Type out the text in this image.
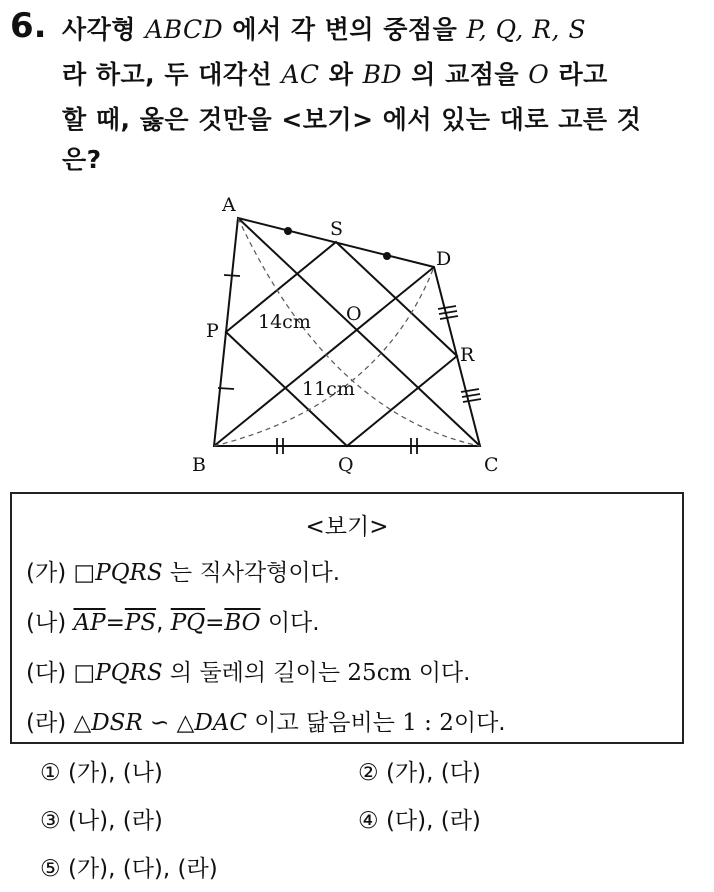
6. 사각형 ABCD 에서 각 변의 중점을 P, Q, R, S
라 하고, 두 대각선 AC 와 BD 의 교점을 O 라고
할 때, 옳은 것만을 <보기> 에서 있는 대로 고른 것
은?
A
S
D
P
O
R
B	Q	C
14cm
11cm
<보기>
(가) □PQRS 는 직사각형이다.
(나) $\overline{AP}=\overline{PS}$, $\overline{PQ}=\overline{BO}$ 이다.
(다) □PQRS 의 둘레의 길이는 25cm 이다.
(라) △DSR ∽ △DAC 이고 닮음비는 1 : 2이다.
① (가), (나)	② (가), (다)
③ (나), (라)	④ (다), (라)
⑤ (가), (다), (라)
